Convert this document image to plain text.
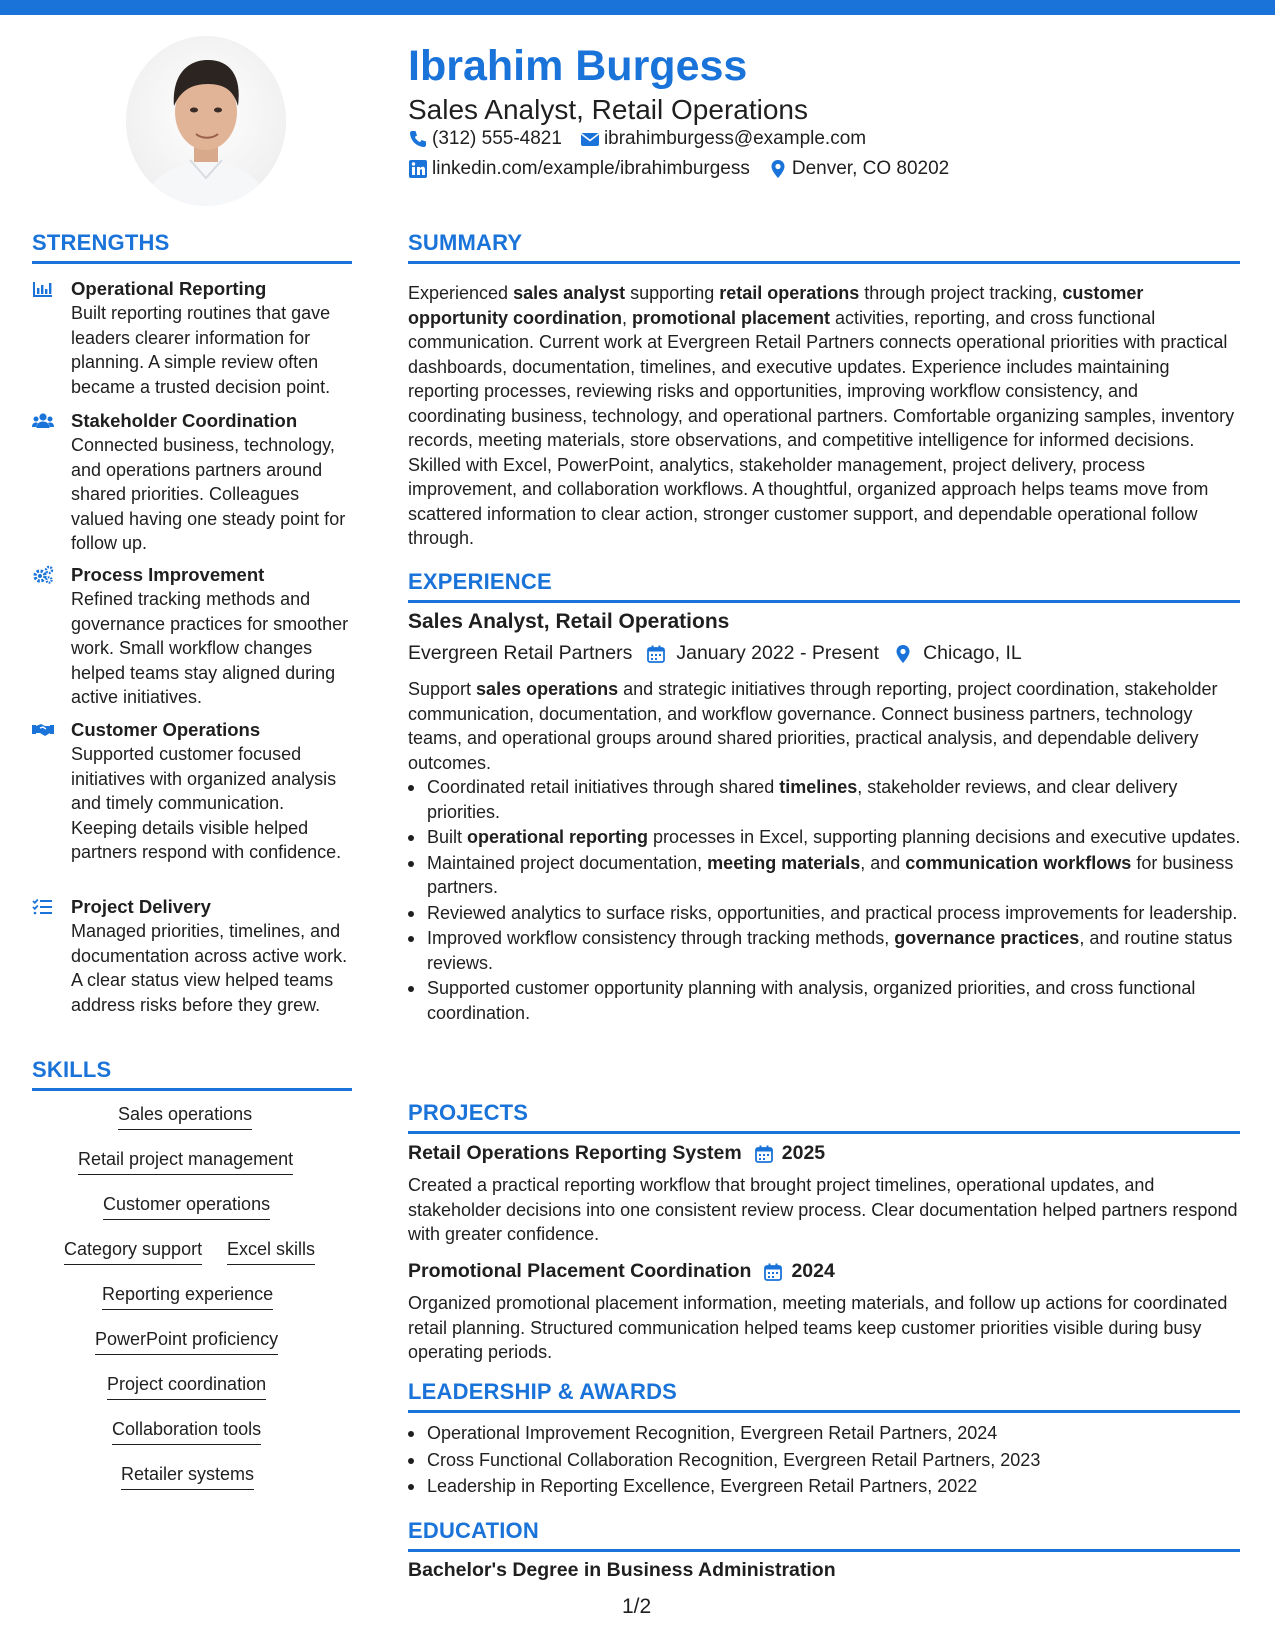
Ibrahim Burgess
Sales Analyst, Retail Operations
(312) 555-4821 ibrahimburgess@example.com
linkedin.com/example/ibrahimburgess Denver, CO 80202
STRENGTHS
Operational Reporting
Built reporting routines that gave leaders clearer information for planning. A simple review often became a trusted decision point.
Stakeholder Coordination
Connected business, technology, and operations partners around shared priorities. Colleagues valued having one steady point for follow up.
Process Improvement
Refined tracking methods and governance practices for smoother work. Small workflow changes helped teams stay aligned during active initiatives.
Customer Operations
Supported customer focused initiatives with organized analysis and timely communication. Keeping details visible helped partners respond with confidence.
Project Delivery
Managed priorities, timelines, and documentation across active work. A clear status view helped teams address risks before they grew.
SKILLS
Sales operations
Retail project management
Customer operations
Category support Excel skills
Reporting experience
PowerPoint proficiency
Project coordination
Collaboration tools
Retailer systems
SUMMARY
Experienced sales analyst supporting retail operations through project tracking, customer opportunity coordination, promotional placement activities, reporting, and cross functional communication. Current work at Evergreen Retail Partners connects operational priorities with practical dashboards, documentation, timelines, and executive updates. Experience includes maintaining reporting processes, reviewing risks and opportunities, improving workflow consistency, and coordinating business, technology, and operational partners. Comfortable organizing samples, inventory records, meeting materials, store observations, and competitive intelligence for informed decisions. Skilled with Excel, PowerPoint, analytics, stakeholder management, project delivery, process improvement, and collaboration workflows. A thoughtful, organized approach helps teams move from scattered information to clear action, stronger customer support, and dependable operational follow through.
EXPERIENCE
Sales Analyst, Retail Operations
Evergreen Retail Partners January 2022 - Present Chicago, IL
Support sales operations and strategic initiatives through reporting, project coordination, stakeholder communication, documentation, and workflow governance. Connect business partners, technology teams, and operational groups around shared priorities, practical analysis, and dependable delivery outcomes.
Coordinated retail initiatives through shared timelines, stakeholder reviews, and clear delivery priorities.
Built operational reporting processes in Excel, supporting planning decisions and executive updates.
Maintained project documentation, meeting materials, and communication workflows for business partners.
Reviewed analytics to surface risks, opportunities, and practical process improvements for leadership.
Improved workflow consistency through tracking methods, governance practices, and routine status reviews.
Supported customer opportunity planning with analysis, organized priorities, and cross functional coordination.
PROJECTS
Retail Operations Reporting System 2025
Created a practical reporting workflow that brought project timelines, operational updates, and stakeholder decisions into one consistent review process. Clear documentation helped partners respond with greater confidence.
Promotional Placement Coordination 2024
Organized promotional placement information, meeting materials, and follow up actions for coordinated retail planning. Structured communication helped teams keep customer priorities visible during busy operating periods.
LEADERSHIP & AWARDS
Operational Improvement Recognition, Evergreen Retail Partners, 2024
Cross Functional Collaboration Recognition, Evergreen Retail Partners, 2023
Leadership in Reporting Excellence, Evergreen Retail Partners, 2022
EDUCATION
Bachelor's Degree in Business Administration
1/2
